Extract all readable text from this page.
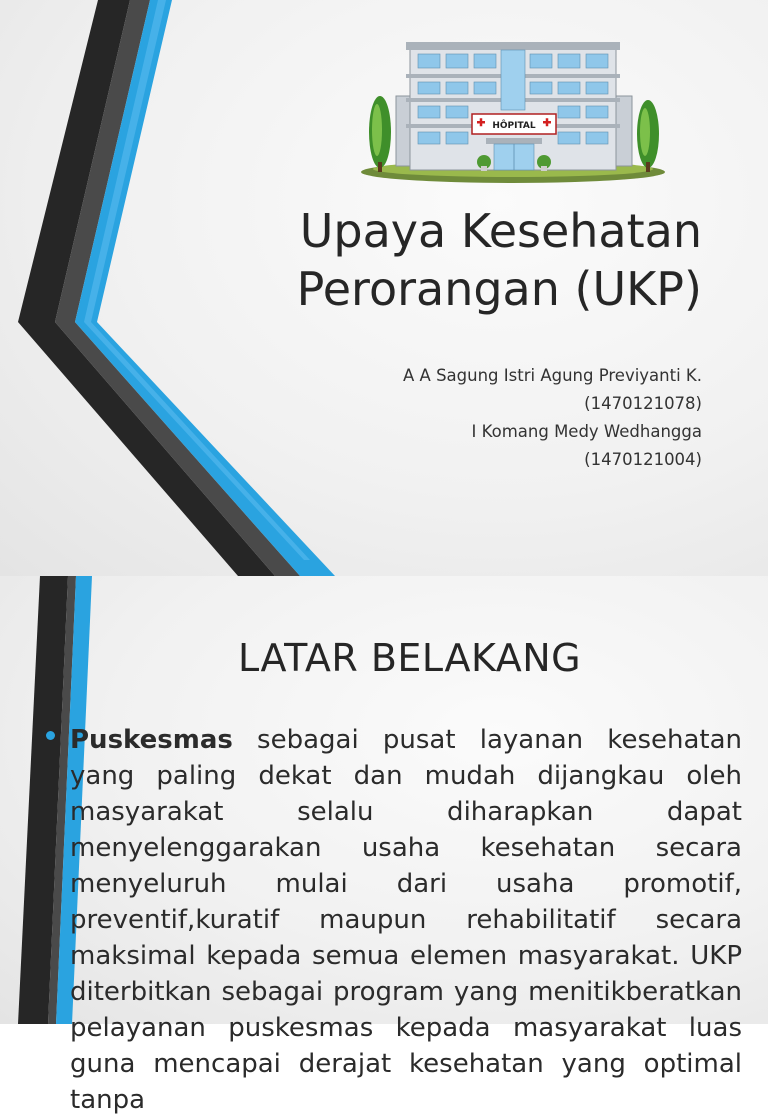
HÔPITAL
Upaya Kesehatan
Perorangan (UKP)
A A Sagung Istri Agung Previyanti K.
(1470121078)
I Komang Medy Wedhangga
(1470121004)
LATAR BELAKANG

Puskesmas sebagai pusat layanan kesehatan yang paling dekat dan mudah dijangkau oleh masyarakat selalu diharapkan dapat menyelenggarakan usaha kesehatan secara menyeluruh mulai dari usaha promotif, preventif,kuratif maupun rehabilitatif secara maksimal kepada semua elemen masyarakat. UKP diterbitkan sebagai program yang menitikberatkan pelayanan puskesmas kepada masyarakat luas guna mencapai derajat kesehatan yang optimal tanpa
